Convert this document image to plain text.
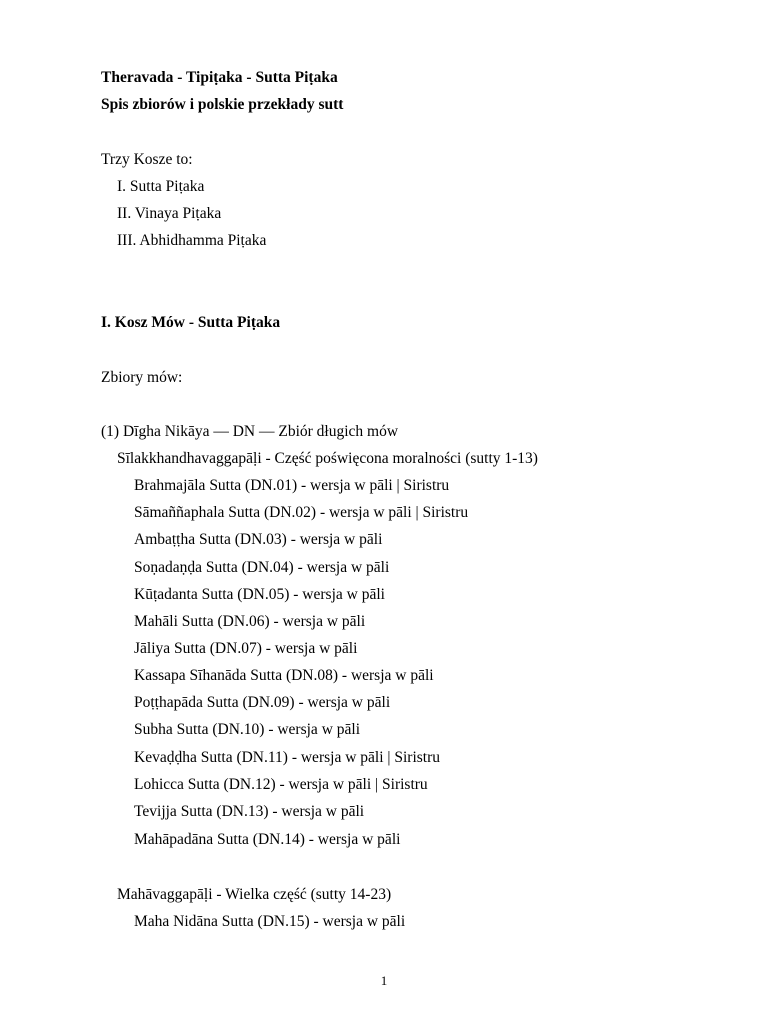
Theravada - Tipiṭaka - Sutta Piṭaka
Spis zbiorów i polskie przekłady sutt
Trzy Kosze to:
I. Sutta Piṭaka
II. Vinaya Piṭaka
III. Abhidhamma Piṭaka
I. Kosz Mów - Sutta Piṭaka
Zbiory mów:
(1) Dīgha Nikāya — DN — Zbiór długich mów
Sīlakkhandhavaggapāḷi - Część poświęcona moralności (sutty 1-13)
Brahmajāla Sutta (DN.01) - wersja w pāli | Siristru
Sāmaññaphala Sutta (DN.02) - wersja w pāli | Siristru
Ambaṭṭha Sutta (DN.03) - wersja w pāli
Soṇadaṇḍa Sutta (DN.04) - wersja w pāli
Kūṭadanta Sutta (DN.05) - wersja w pāli
Mahāli Sutta (DN.06) - wersja w pāli
Jāliya Sutta (DN.07) - wersja w pāli
Kassapa Sīhanāda Sutta (DN.08) - wersja w pāli
Poṭṭhapāda Sutta (DN.09) - wersja w pāli
Subha Sutta (DN.10) - wersja w pāli
Kevaḍḍha Sutta (DN.11) - wersja w pāli | Siristru
Lohicca Sutta (DN.12) - wersja w pāli | Siristru
Tevijja Sutta (DN.13) - wersja w pāli
Mahāpadāna Sutta (DN.14) - wersja w pāli
Mahāvaggapāḷi - Wielka część (sutty 14-23)
Maha Nidāna Sutta (DN.15) - wersja w pāli
1
